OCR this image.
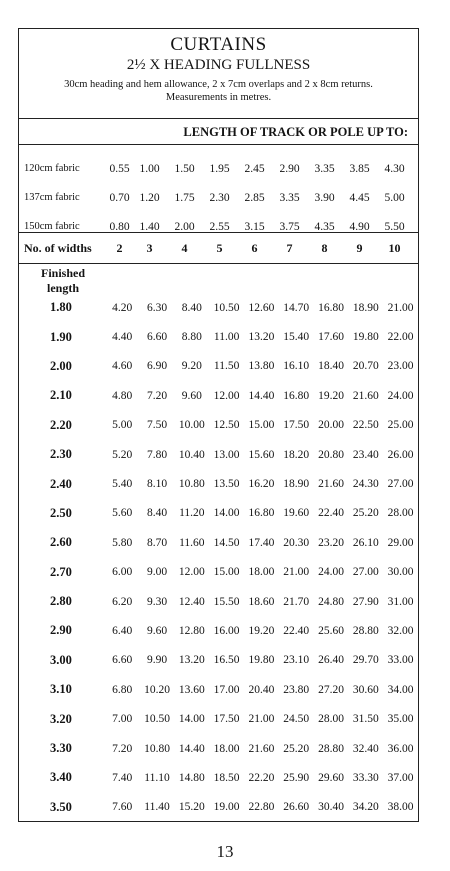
CURTAINS
2½ X HEADING FULLNESS
30cm heading and hem allowance, 2 x 7cm overlaps and 2 x 8cm returns.
Measurements in metres.
LENGTH OF TRACK OR POLE UP TO:
120cm fabric	0.55 1.00	1.50	1.95	2.45	2.90	3.35	3.85	4.30
137cm fabric	0.70 1.20	1.75	2.30	2.85	3.35	3.90	4.45	5.00
150cm fabric	0.80 1.40	2.00	2.55	3.15	3.75	4.35	4.90	5.50
No. of widths	2	3	4	5	6	7	8	9	10
Finished
length
1.80	4.20	6.30	8.40	10.50 12.60 14.70 16.80 18.90 21.00
1.90	4.40	6.60	8.80	11.00 13.20 15.40 17.60 19.80 22.00
2.00	4.60	6.90	9.20	11.50 13.80 16.10 18.40 20.70 23.00
2.10	4.80	7.20	9.60	12.00 14.40 16.80 19.20 21.60 24.00
2.20	5.00	7.50	10.00 12.50 15.00 17.50 20.00 22.50 25.00
2.30	5.20	7.80	10.40 13.00 15.60 18.20 20.80 23.40 26.00
2.40	5.40	8.10	10.80 13.50 16.20 18.90 21.60 24.30 27.00
2.50	5.60	8.40	11.20 14.00 16.80 19.60 22.40 25.20 28.00
2.60	5.80	8.70	11.60 14.50 17.40 20.30 23.20 26.10 29.00
2.70	6.00	9.00	12.00 15.00 18.00 21.00 24.00 27.00 30.00
2.80	6.20	9.30	12.40 15.50 18.60 21.70 24.80 27.90 31.00
2.90	6.40	9.60	12.80 16.00 19.20 22.40 25.60 28.80 32.00
3.00	6.60	9.90	13.20 16.50 19.80 23.10 26.40 29.70 33.00
3.10	6.80	10.20 13.60 17.00 20.40 23.80 27.20 30.60 34.00
3.20	7.00	10.50 14.00 17.50 21.00 24.50 28.00 31.50 35.00
3.30	7.20	10.80 14.40 18.00 21.60 25.20 28.80 32.40 36.00
3.40	7.40	11.10 14.80 18.50 22.20 25.90 29.60 33.30 37.00
3.50	7.60	11.40 15.20 19.00 22.80 26.60 30.40 34.20 38.00
13
